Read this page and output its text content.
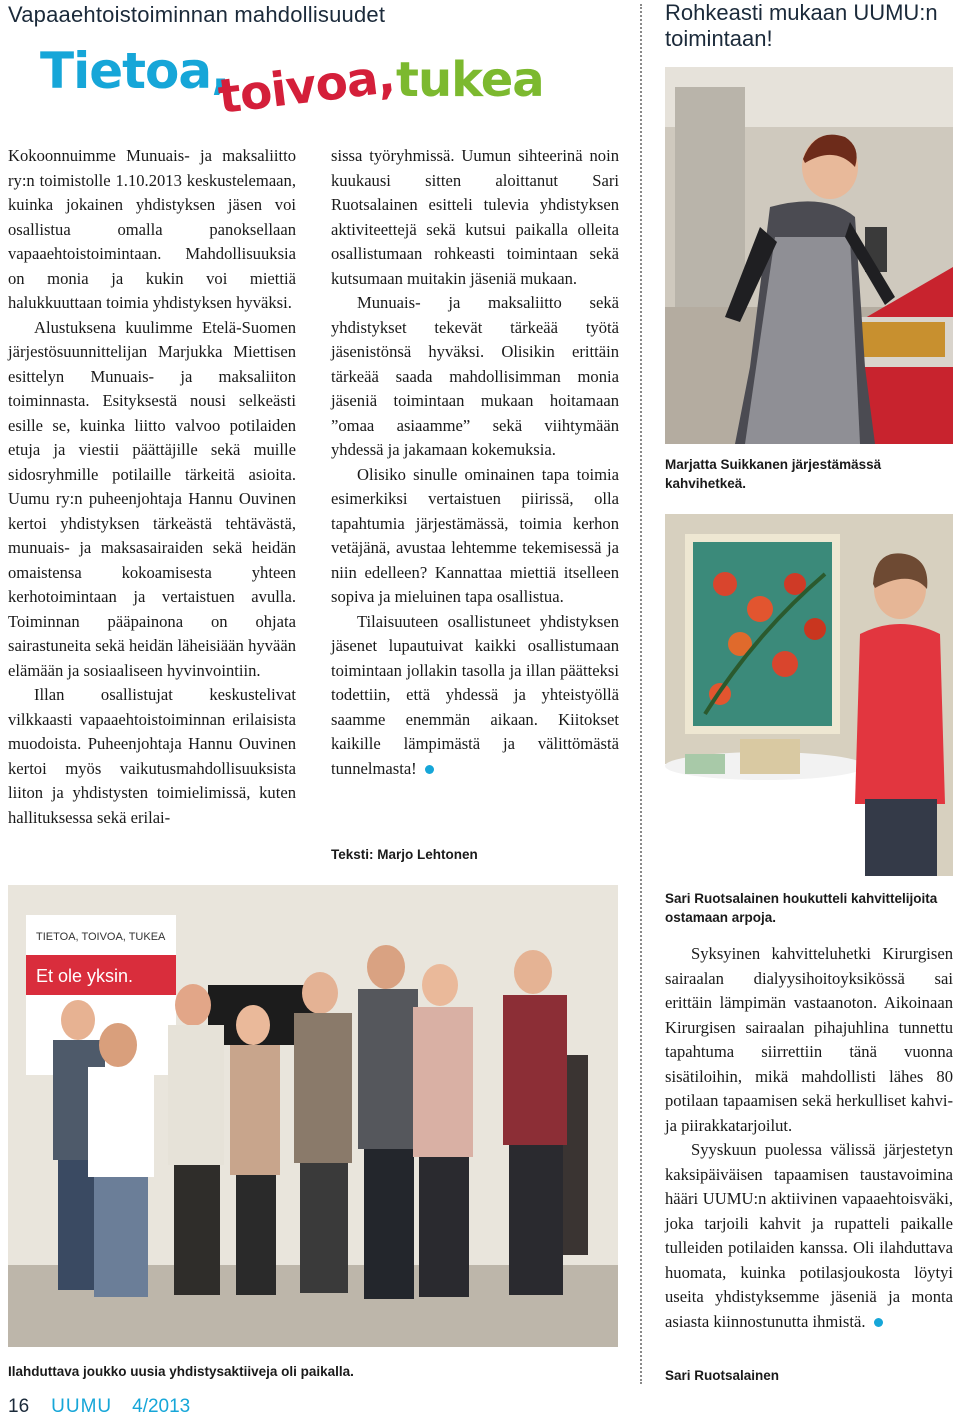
Vapaaehtoistoiminnan mahdollisuudet
Tietoa,
toivoa,
tukea

Kokoonnuimme Munuais- ja maksaliitto ry:n toimistolle 1.10.2013 keskustelemaan, kuinka jokainen yhdistyksen jäsen voi osallistua omalla panoksellaan vapaaehtoistoimintaan. Mahdollisuuksia on monia ja kukin voi miettiä halukkuuttaan toimia yhdistyksen hyväksi.

Alustuksena kuulimme Etelä-Suomen järjestösuunnittelijan Marjukka Miettisen esittelyn Munuais- ja maksaliiton toiminnasta. Esityksestä nousi selkeästi esille se, kuinka liitto valvoo potilaiden etuja ja viestii päättäjille sekä muille sidosryhmille potilaille tärkeitä asioita. Uumu ry:n puheenjohtaja Hannu Ouvinen kertoi yhdistyksen tärkeästä tehtävästä, munuais- ja maksasairaiden sekä heidän omaistensa kokoamisesta yhteen kerhotoimintaan ja vertaistuen avulla. Toiminnan pääpainona on ohjata sairastuneita sekä heidän läheisiään hyvään elämään ja sosiaaliseen hyvinvointiin.

Illan osallistujat keskustelivat vilkkaasti vapaaehtoistoiminnan erilaisista muodoista. Puheenjohtaja Hannu Ouvinen kertoi myös vaikutusmahdollisuuksista liiton ja yhdistysten toimielimissä, kuten hallituksessa sekä erilai-

sissa työryhmissä. Uumun sihteerinä noin kuukausi sitten aloittanut Sari Ruotsalainen esitteli tulevia yhdistyksen aktiviteettejä sekä kutsui paikalla olleita osallistumaan rohkeasti toimintaan sekä kutsumaan muitakin jäseniä mukaan.

Munuais- ja maksaliitto sekä yhdistykset tekevät tärkeää työtä jäsenistönsä hyväksi. Olisikin erittäin tärkeää saada mahdollisimman monia jäseniä toimintaan mukaan hoitamaan ”omaa asiaamme” sekä viihtymään yhdessä ja jakamaan kokemuksia.

Olisiko sinulle ominainen tapa toimia esimerkiksi vertaistuen piirissä, olla tapahtumia järjestämässä, toimia kerhon vetäjänä, avustaa lehtemme tekemisessä ja niin edelleen? Kannattaa miettiä itselleen sopiva ja mieluinen tapa osallistua.

Tilaisuuteen osallistuneet yhdistyksen jäsenet lupautuivat kaikki osallistumaan toimintaan jollakin tasolla ja illan päätteksi todettiin, että yhdessä ja yhteistyöllä saamme enemmän aikaan. Kiitokset kaikille lämpimästä ja välittömästä tunnelmasta!

Teksti: Marjo Lehtonen
Rohkeasti mukaan UUMU:n toimintaan!
Marjatta Suikkanen järjestämässä kahvihetkeä.
Sari Ruotsalainen houkutteli kahvittelijoita ostamaan arpoja.

Syksyinen kahvitteluhetki Kirurgisen sairaalan dialyysihoitoyksikössä sai erittäin lämpimän vastaanoton. Aikoinaan Kirurgisen sairaalan pihajuhlina tunnettu tapahtuma siirrettiin tänä vuonna sisätiloihin, mikä mahdollisti lähes 80 potilaan tapaamisen sekä herkulliset kahvi- ja piirakkatarjoilut.

Syyskuun puolessa välissä järjestetyn kaksipäiväisen tapaamisen taustavoimina hääri UUMU:n aktiivinen vapaaehtoisväki, joka tarjoili kahvit ja rupatteli paikalle tulleiden potilaiden kanssa. Oli ilahduttava huomata, kuinka potilasjoukosta löytyi useita yhdistyksemme jäseniä ja monta asiasta kiinnostunutta ihmistä.

Sari Ruotsalainen
TIETOA, TOIVOA, TUKEA
Et ole yksin.
Ilahduttava joukko uusia yhdistysaktiiveja oli paikalla.
16 UUMU 4/2013
